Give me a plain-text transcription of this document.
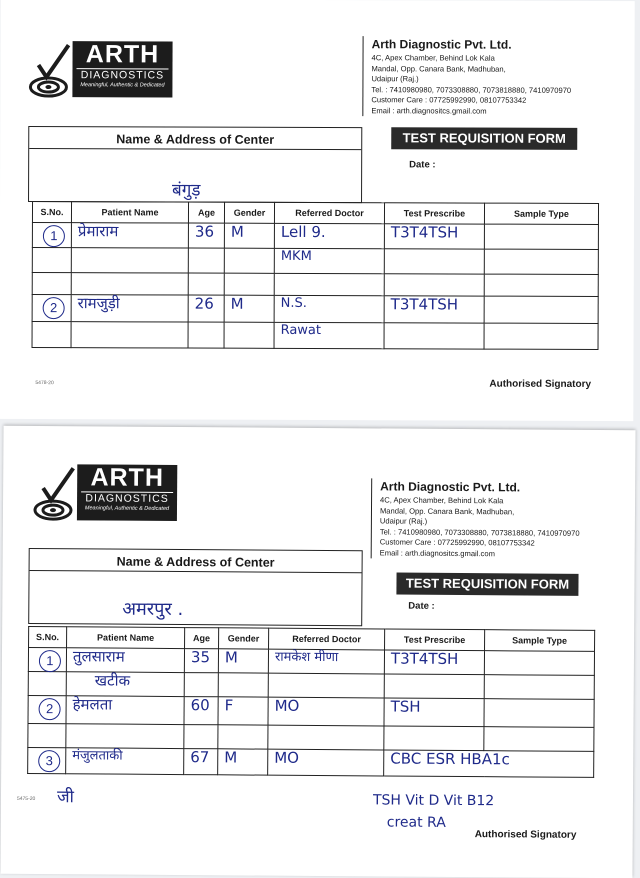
ARTH
DIAGNOSTICS
Meaningful, Authentic & Dedicated
Arth Diagnostic Pvt. Ltd.
4C, Apex Chamber, Behind Lok Kala
Mandal, Opp. Canara Bank, Madhuban,
Udaipur (Raj.)
Tel. : 7410980980, 7073308880, 7073818880, 7410970970
Customer Care : 07725992990, 08107753342
Email : arth.diagnositcs.gmail.com
Name & Address of Center
बंगुड़
TEST REQUISITION FORM
Date :
S.No.	Patient Name	Age	Gender	Referred Doctor	Test Prescribe	Sample Type

1	प्रेमाराम	36	M	Lell 9.	T3T4TSH	

				MKM		

2	रामजुड़ी	26	M	N.S.	T3T4TSH	

				Rawat		

5478-20	Authorised Signatory
ARTH
DIAGNOSTICS
Meaningful, Authentic & Dedicated
Arth Diagnostic Pvt. Ltd.
4C, Apex Chamber, Behind Lok Kala
Mandal, Opp. Canara Bank, Madhuban,
Udaipur (Raj.)
Tel. : 7410980980, 7073308880, 7073818880, 7410970970
Customer Care : 07725992990, 08107753342
Email : arth.diagnositcs.gmail.com
Name & Address of Center
अमरपुर .
TEST REQUISITION FORM
Date :
S.No.	Patient Name	Age	Gender	Referred Doctor	Test Prescribe	Sample Type

1	तुलसाराम	35	M	रामकेश मीणा	T3T4TSH	

	खटीक					

2	हेमलता	60	F	MO	TSH	

3	मंजुलताकी	67	M	MO	CBC ESR HBA1c	
जी	TSH Vit D Vit B12
creat RA
5475-20
Authorised Signatory
